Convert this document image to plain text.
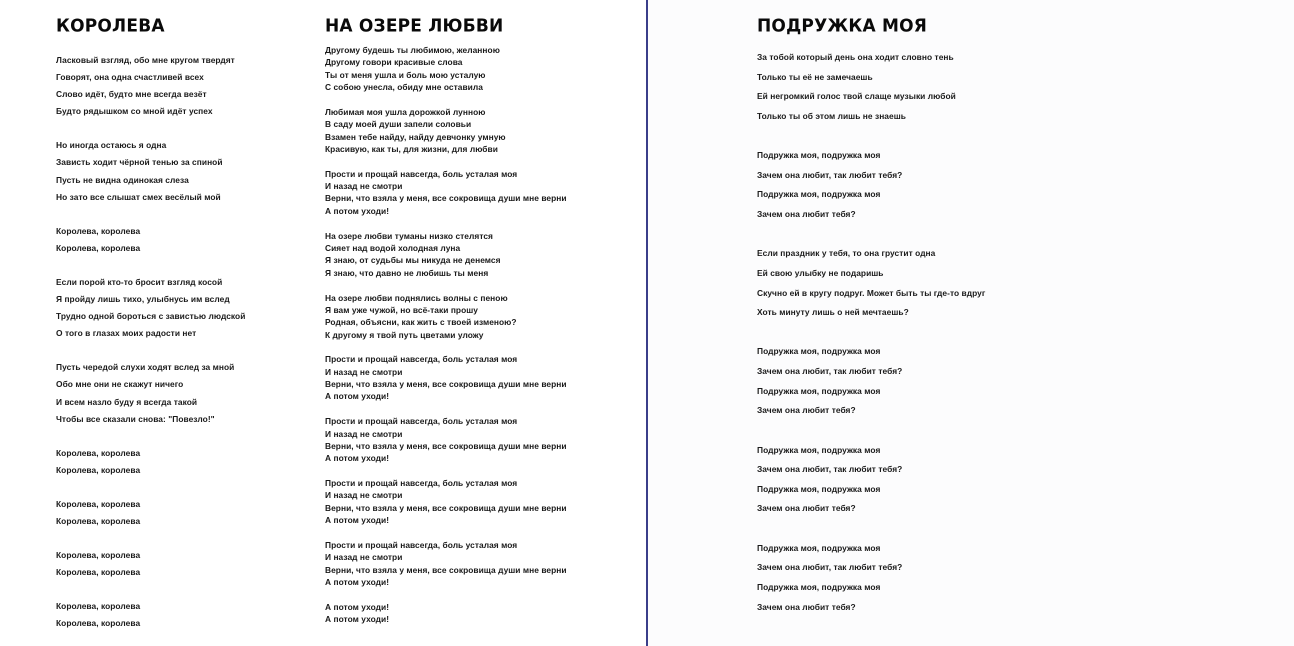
КОРОЛЕВА
Ласковый взгляд, обо мне кругом твердят
Говорят, она одна счастливей всех
Слово идёт, будто мне всегда везёт
Будто рядышком со мной идёт успех
Но иногда остаюсь я одна
Зависть ходит чёрной тенью за спиной
Пусть не видна одинокая слеза
Но зато все слышат смех весёлый мой
Королева, королева
Королева, королева
Если порой кто-то бросит взгляд косой
Я пройду лишь тихо, улыбнусь им вслед
Трудно одной бороться с завистью людской
О того в глазах моих радости нет
Пусть чередой слухи ходят вслед за мной
Обо мне они не скажут ничего
И всем назло буду я всегда такой
Чтобы все сказали снова: "Повезло!"
Королева, королева
Королева, королева
Королева, королева
Королева, королева
Королева, королева
Королева, королева
Королева, королева
Королева, королева
НА ОЗЕРЕ ЛЮБВИ
Другому будешь ты любимою, желанною
Другому говори красивые слова
Ты от меня ушла и боль мою усталую
С собою унесла, обиду мне оставила
Любимая моя ушла дорожкой лунною
В саду моей души запели соловьи
Взамен тебе найду, найду девчонку умную
Красивую, как ты, для жизни, для любви
Прости и прощай навсегда, боль усталая моя
И назад не смотри
Верни, что взяла у меня, все сокровища души мне верни
А потом уходи!
На озере любви туманы низко стелятся
Сияет над водой холодная луна
Я знаю, от судьбы мы никуда не денемся
Я знаю, что давно не любишь ты меня
На озере любви поднялись волны с пеною
Я вам уже чужой, но всё-таки прошу
Родная, объясни, как жить с твоей изменою?
К другому я твой путь цветами уложу
Прости и прощай навсегда, боль усталая моя
И назад не смотри
Верни, что взяла у меня, все сокровища души мне верни
А потом уходи!
Прости и прощай навсегда, боль усталая моя
И назад не смотри
Верни, что взяла у меня, все сокровища души мне верни
А потом уходи!
Прости и прощай навсегда, боль усталая моя
И назад не смотри
Верни, что взяла у меня, все сокровища души мне верни
А потом уходи!
Прости и прощай навсегда, боль усталая моя
И назад не смотри
Верни, что взяла у меня, все сокровища души мне верни
А потом уходи!
А потом уходи!
А потом уходи!
ПОДРУЖКА МОЯ
За тобой который день она ходит словно тень
Только ты её не замечаешь
Ей негромкий голос твой слаще музыки любой
Только ты об этом лишь не знаешь
Подружка моя, подружка моя
Зачем она любит, так любит тебя?
Подружка моя, подружка моя
Зачем она любит тебя?
Если праздник у тебя, то она грустит одна
Ей свою улыбку не подаришь
Скучно ей в кругу подруг. Может быть ты где-то вдруг
Хоть минуту лишь о ней мечтаешь?
Подружка моя, подружка моя
Зачем она любит, так любит тебя?
Подружка моя, подружка моя
Зачем она любит тебя?
Подружка моя, подружка моя
Зачем она любит, так любит тебя?
Подружка моя, подружка моя
Зачем она любит тебя?
Подружка моя, подружка моя
Зачем она любит, так любит тебя?
Подружка моя, подружка моя
Зачем она любит тебя?
